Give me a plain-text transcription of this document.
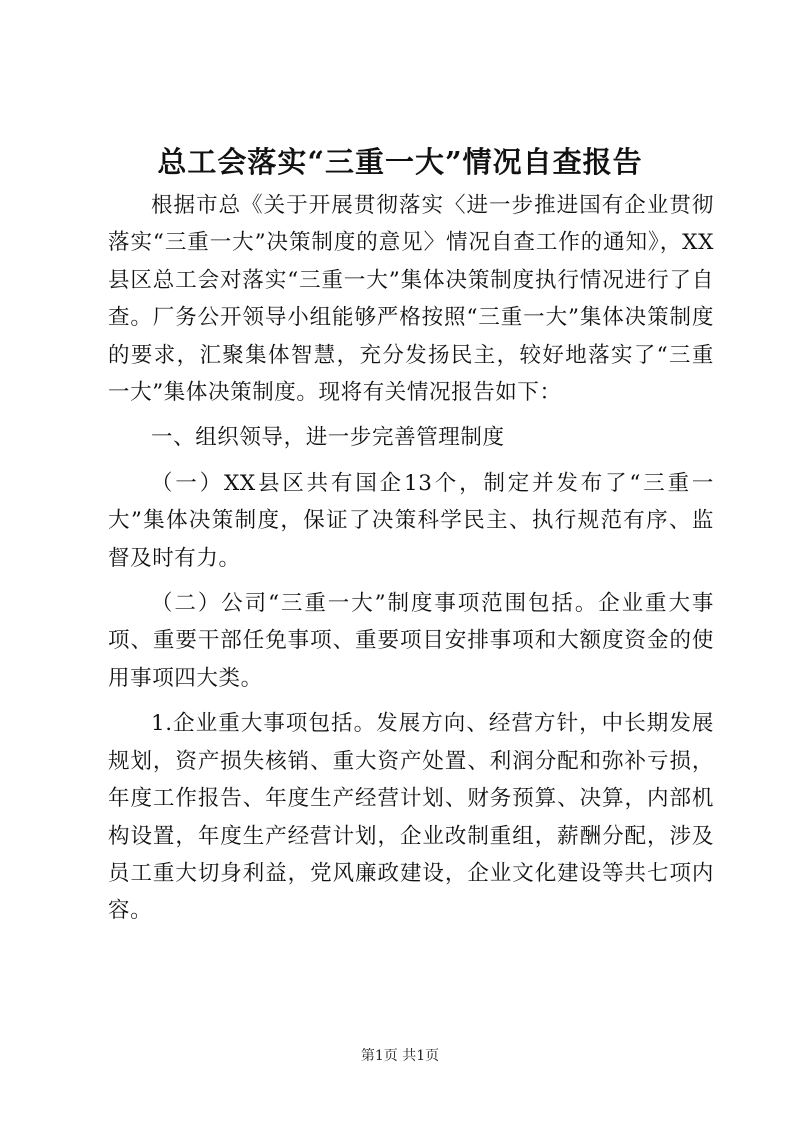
总工会落实“三重一大”情况自查报告

根据市总《关于开展贯彻落实〈进一步推进国有企业贯彻落实“三重一大”决策制度的意见〉情况自查工作的通知》，XX县区总工会对落实“三重一大”集体决策制度执行情况进行了自查。厂务公开领导小组能够严格按照“三重一大”集体决策制度的要求，汇聚集体智慧，充分发扬民主，较好地落实了“三重一大”集体决策制度。现将有关情况报告如下：

一、组织领导，进一步完善管理制度

（一）XX县区共有国企13个，制定并发布了“三重一大”集体决策制度，保证了决策科学民主、执行规范有序、监督及时有力。

（二）公司“三重一大”制度事项范围包括。企业重大事项、重要干部任免事项、重要项目安排事项和大额度资金的使用事项四大类。

1.企业重大事项包括。发展方向、经营方针，中长期发展规划，资产损失核销、重大资产处置、利润分配和弥补亏损，年度工作报告、年度生产经营计划、财务预算、决算，内部机构设置，年度生产经营计划，企业改制重组，薪酬分配，涉及员工重大切身利益，党风廉政建设，企业文化建设等共七项内容。

第1页 共1页
